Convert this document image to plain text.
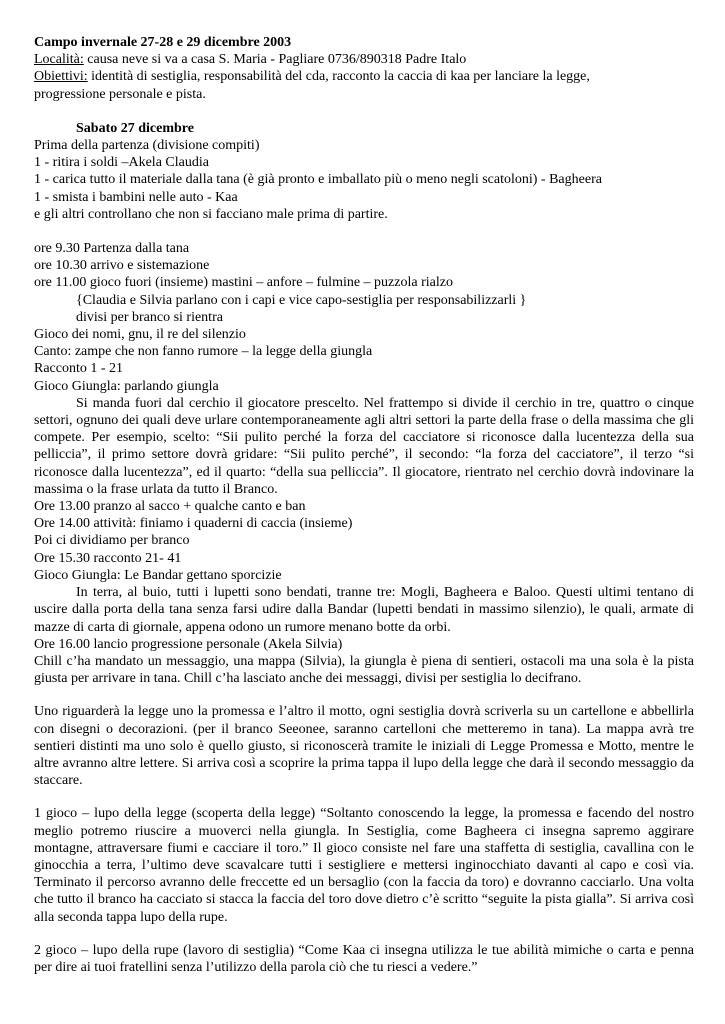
Campo invernale 27-28 e 29 dicembre 2003
Località: causa neve si va a casa S. Maria - Pagliare 0736/890318 Padre Italo
Obiettivi: identità di sestiglia, responsabilità del cda, racconto la caccia di kaa per lanciare la legge,
progressione personale e pista.
Sabato 27 dicembre
Prima della partenza (divisione compiti)
1 - ritira i soldi –Akela Claudia
1 - carica tutto il materiale dalla tana (è già pronto e imballato più o meno negli scatoloni) - Bagheera
1 - smista i bambini nelle auto - Kaa
e gli altri controllano che non si facciano male prima di partire.
ore 9.30 Partenza dalla tana
ore 10.30 arrivo e sistemazione
ore 11.00 gioco fuori (insieme) mastini – anfore – fulmine – puzzola rialzo
{Claudia e Silvia parlano con i capi e vice capo-sestiglia per responsabilizzarli }
divisi per branco si rientra
Gioco dei nomi, gnu, il re del silenzio
Canto: zampe che non fanno rumore – la legge della giungla
Racconto 1 - 21
Gioco Giungla: parlando giungla
Si manda fuori dal cerchio il giocatore prescelto. Nel frattempo si divide il cerchio in tre, quattro o cinque settori, ognuno dei quali deve urlare contemporaneamente agli altri settori la parte della frase o della massima che gli compete. Per esempio, scelto: “Sii pulito perché la forza del cacciatore si riconosce dalla lucentezza della sua pelliccia”, il primo settore dovrà gridare: “Sii pulito perché”, il secondo: “la forza del cacciatore”, il terzo “si riconosce dalla lucentezza”, ed il quarto: “della sua pelliccia”. Il giocatore, rientrato nel cerchio dovrà indovinare la massima o la frase urlata da tutto il Branco.
Ore 13.00 pranzo al sacco + qualche canto e ban
Ore 14.00 attività: finiamo i quaderni di caccia (insieme)
Poi ci dividiamo per branco
Ore 15.30 racconto 21- 41
Gioco Giungla: Le Bandar gettano sporcizie
In terra, al buio, tutti i lupetti sono bendati, tranne tre: Mogli, Bagheera e Baloo. Questi ultimi tentano di uscire dalla porta della tana senza farsi udire dalla Bandar (lupetti bendati in massimo silenzio), le quali, armate di mazze di carta di giornale, appena odono un rumore menano botte da orbi.
Ore 16.00 lancio progressione personale (Akela Silvia)
Chill c’ha mandato un messaggio, una mappa (Silvia), la giungla è piena di sentieri, ostacoli ma una sola è la pista giusta per arrivare in tana. Chill c’ha lasciato anche dei messaggi, divisi per sestiglia lo decifrano.
Uno riguarderà la legge uno la promessa e l’altro il motto, ogni sestiglia dovrà scriverla su un cartellone e abbellirla con disegni o decorazioni. (per il branco Seeonee, saranno cartelloni che metteremo in tana). La mappa avrà tre sentieri distinti ma uno solo è quello giusto, si riconoscerà tramite le iniziali di Legge Promessa e Motto, mentre le altre avranno altre lettere. Si arriva così a scoprire la prima tappa il lupo della legge che darà il secondo messaggio da staccare.
1 gioco – lupo della legge (scoperta della legge) “Soltanto conoscendo la legge, la promessa e facendo del nostro meglio potremo riuscire a muoverci nella giungla. In Sestiglia, come Bagheera ci insegna sapremo aggirare montagne, attraversare fiumi e cacciare il toro.” Il gioco consiste nel fare una staffetta di sestiglia, cavallina con le ginocchia a terra, l’ultimo deve scavalcare tutti i sestigliere e mettersi inginocchiato davanti al capo e così via. Terminato il percorso avranno delle freccette ed un bersaglio (con la faccia da toro) e dovranno cacciarlo. Una volta che tutto il branco ha cacciato si stacca la faccia del toro dove dietro c’è scritto “seguite la pista gialla”. Si arriva così alla seconda tappa lupo della rupe.
2 gioco – lupo della rupe (lavoro di sestiglia) “Come Kaa ci insegna utilizza le tue abilità mimiche o carta e penna per dire ai tuoi fratellini senza l’utilizzo della parola ciò che tu riesci a vedere.”
